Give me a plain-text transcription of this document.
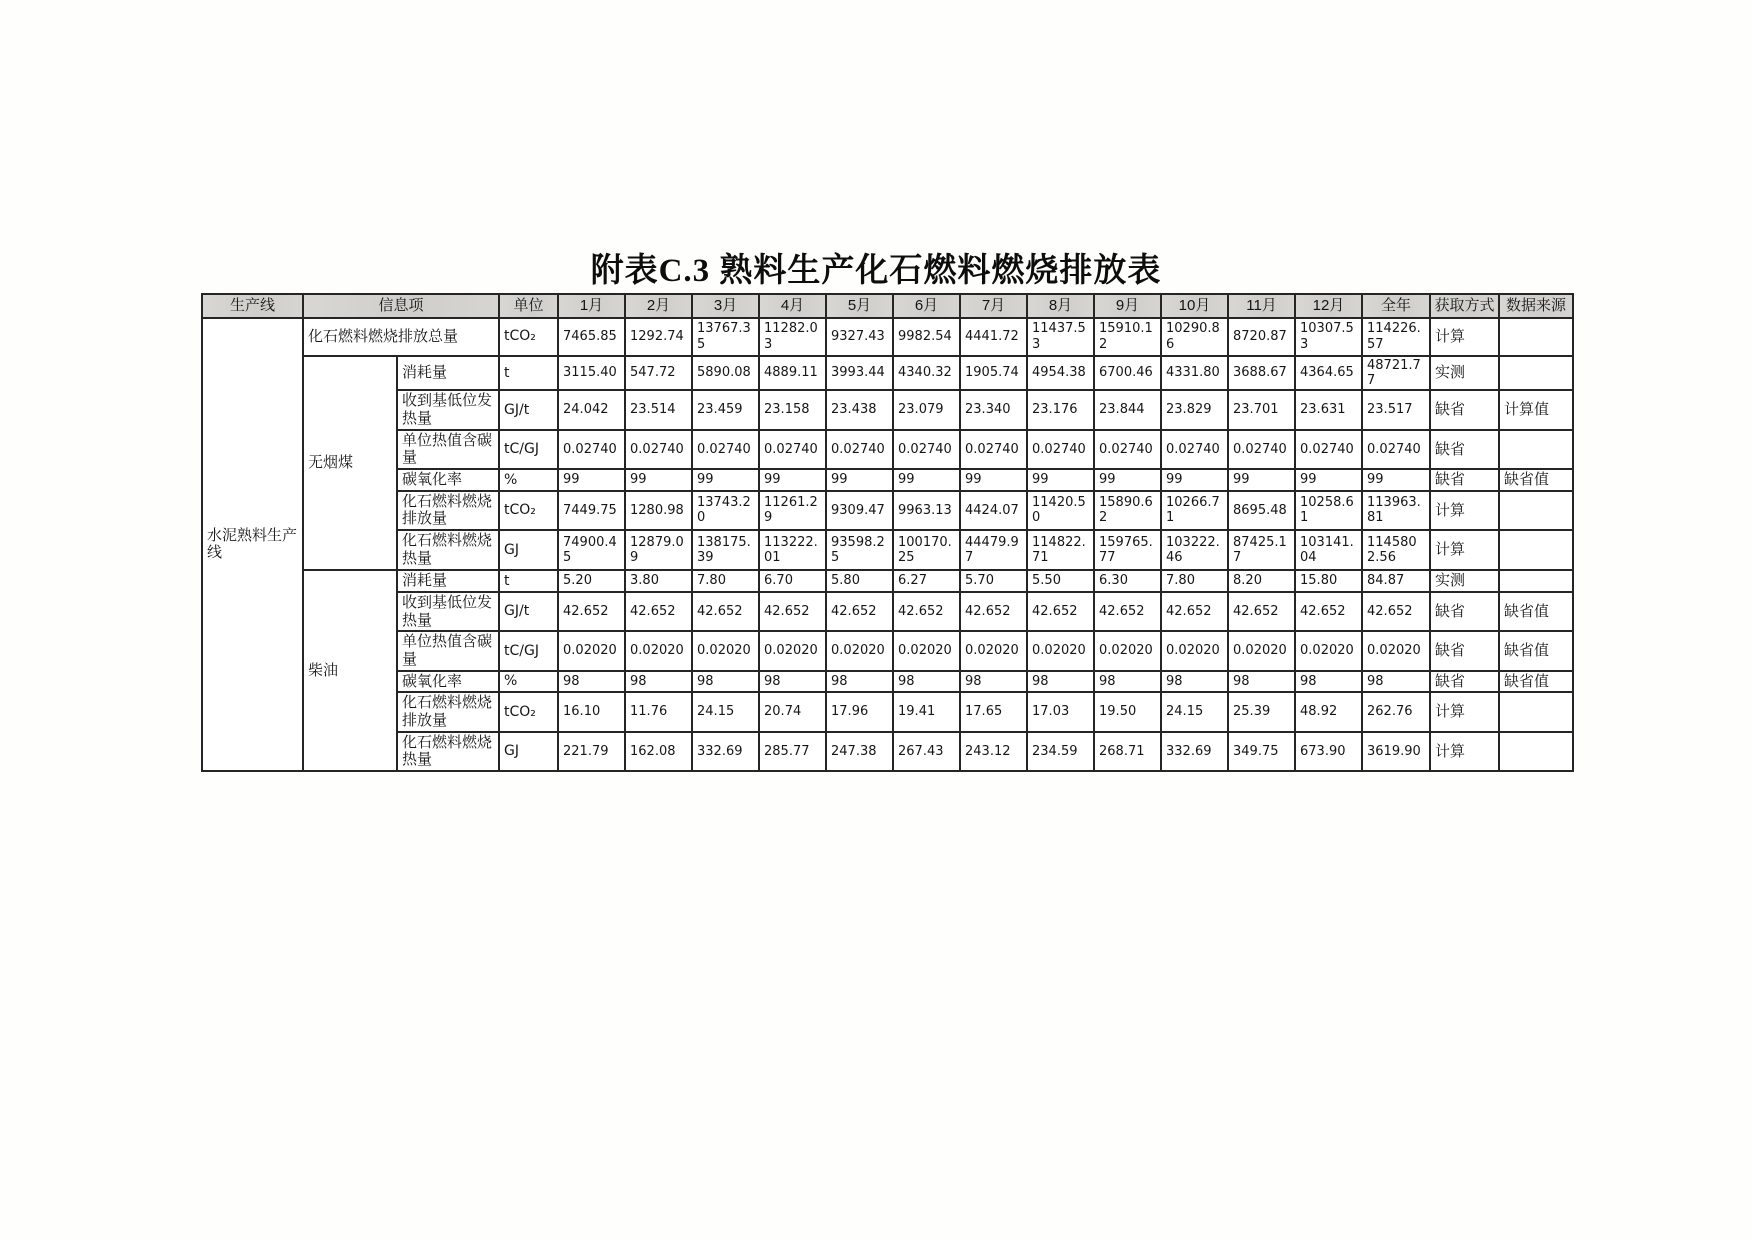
附表C.3 熟料生产化石燃料燃烧排放表
生产线	信息项		单位	1月	2月	3月	4月	5月	6月	7月	8月	9月	10月	11月	12月	全年	获取方式	数据来源
水泥熟料生产线	化石燃料燃烧排放总量		tCO₂	7465.85	1292.74	13767.35	11282.03	9327.43	9982.54	4441.72	11437.53	15910.12	10290.86	8720.87	10307.53	114226.57	计算	
	无烟煤	消耗量	t	3115.40	547.72	5890.08	4889.11	3993.44	4340.32	1905.74	4954.38	6700.46	4331.80	3688.67	4364.65	48721.77	实测	
		收到基低位发热量	GJ/t	24.042	23.514	23.459	23.158	23.438	23.079	23.340	23.176	23.844	23.829	23.701	23.631	23.517	缺省	计算值
		单位热值含碳量	tC/GJ	0.02740	0.02740	0.02740	0.02740	0.02740	0.02740	0.02740	0.02740	0.02740	0.02740	0.02740	0.02740	0.02740	缺省	
		碳氧化率	%	99	99	99	99	99	99	99	99	99	99	99	99	99	缺省	缺省值
		化石燃料燃烧排放量	tCO₂	7449.75	1280.98	13743.20	11261.29	9309.47	9963.13	4424.07	11420.50	15890.62	10266.71	8695.48	10258.61	113963.81	计算	
		化石燃料燃烧热量	GJ	74900.45	12879.09	138175.39	113222.01	93598.25	100170.25	44479.97	114822.71	159765.77	103222.46	87425.17	103141.04	1145802.56	计算	
	柴油	消耗量	t	5.20	3.80	7.80	6.70	5.80	6.27	5.70	5.50	6.30	7.80	8.20	15.80	84.87	实测	
		收到基低位发热量	GJ/t	42.652	42.652	42.652	42.652	42.652	42.652	42.652	42.652	42.652	42.652	42.652	42.652	42.652	缺省	缺省值
		单位热值含碳量	tC/GJ	0.02020	0.02020	0.02020	0.02020	0.02020	0.02020	0.02020	0.02020	0.02020	0.02020	0.02020	0.02020	0.02020	缺省	缺省值
		碳氧化率	%	98	98	98	98	98	98	98	98	98	98	98	98	98	缺省	缺省值
		化石燃料燃烧排放量	tCO₂	16.10	11.76	24.15	20.74	17.96	19.41	17.65	17.03	19.50	24.15	25.39	48.92	262.76	计算	
		化石燃料燃烧热量	GJ	221.79	162.08	332.69	285.77	247.38	267.43	243.12	234.59	268.71	332.69	349.75	673.90	3619.90	计算	
